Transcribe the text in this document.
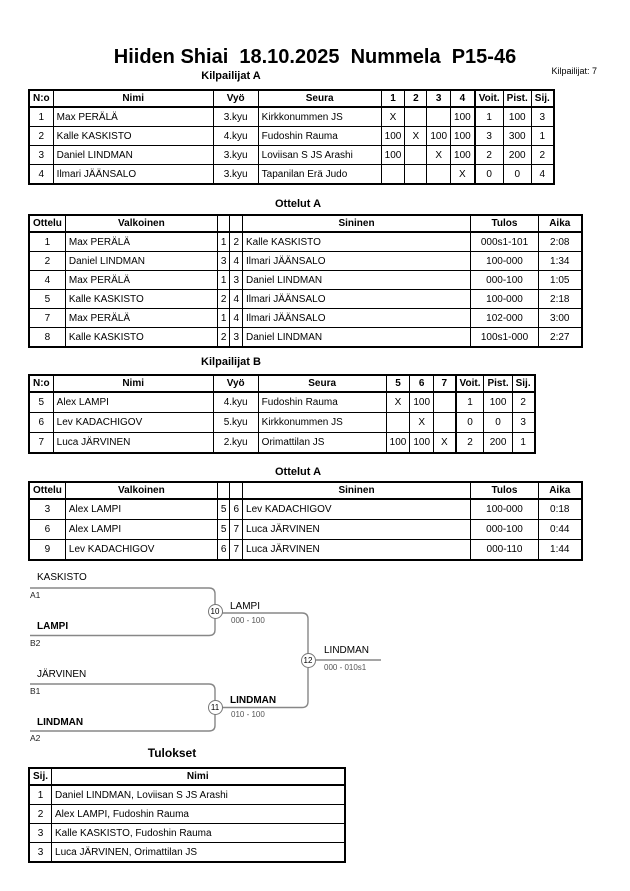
Hiiden Shiai  18.10.2025  Nummela  P15-46
Kilpailijat: 7
Kilpailijat A
N:o	Nimi	Vyö	Seura	1	2	3	4	Voit.	Pist.	Sij.
1	Max PERÄLÄ	3.kyu	Kirkkonummen JS	X			100	1	100	3
2	Kalle KASKISTO	4.kyu	Fudoshin Rauma	100	X	100	100	3	300	1
3	Daniel LINDMAN	3.kyu	Loviisan S JS Arashi	100		X	100	2	200	2
4	Ilmari JÄÄNSALO	3.kyu	Tapanilan Erä Judo				X	0	0	4
Ottelut A
Ottelu	Valkoinen			Sininen	Tulos	Aika
1	Max PERÄLÄ	1	2	Kalle KASKISTO	000s1-101	2:08
2	Daniel LINDMAN	3	4	Ilmari JÄÄNSALO	100-000	1:34
4	Max PERÄLÄ	1	3	Daniel LINDMAN	000-100	1:05
5	Kalle KASKISTO	2	4	Ilmari JÄÄNSALO	100-000	2:18
7	Max PERÄLÄ	1	4	Ilmari JÄÄNSALO	102-000	3:00
8	Kalle KASKISTO	2	3	Daniel LINDMAN	100s1-000	2:27
Kilpailijat B
N:o	Nimi	Vyö	Seura	5	6	7	Voit.	Pist.	Sij.
5	Alex LAMPI	4.kyu	Fudoshin Rauma	X	100		1	100	2
6	Lev KADACHIGOV	5.kyu	Kirkkonummen JS		X		0	0	3
7	Luca JÄRVINEN	2.kyu	Orimattilan JS	100	100	X	2	200	1
Ottelut A
Ottelu	Valkoinen			Sininen	Tulos	Aika
3	Alex LAMPI	5	6	Lev KADACHIGOV	100-000	0:18
6	Alex LAMPI	5	7	Luca JÄRVINEN	000-100	0:44
9	Lev KADACHIGOV	6	7	Luca JÄRVINEN	000-110	1:44
KASKISTO
A1
LAMPI
B2
JÄRVINEN
B1
LINDMAN
A2
10	LAMPI
000 - 100
11
LINDMAN
010 - 100
12
LINDMAN
000 - 010s1
Tulokset
Sij.	Nimi
1	Daniel LINDMAN, Loviisan S JS Arashi
2	Alex LAMPI, Fudoshin Rauma
3	Kalle KASKISTO, Fudoshin Rauma
3	Luca JÄRVINEN, Orimattilan JS
